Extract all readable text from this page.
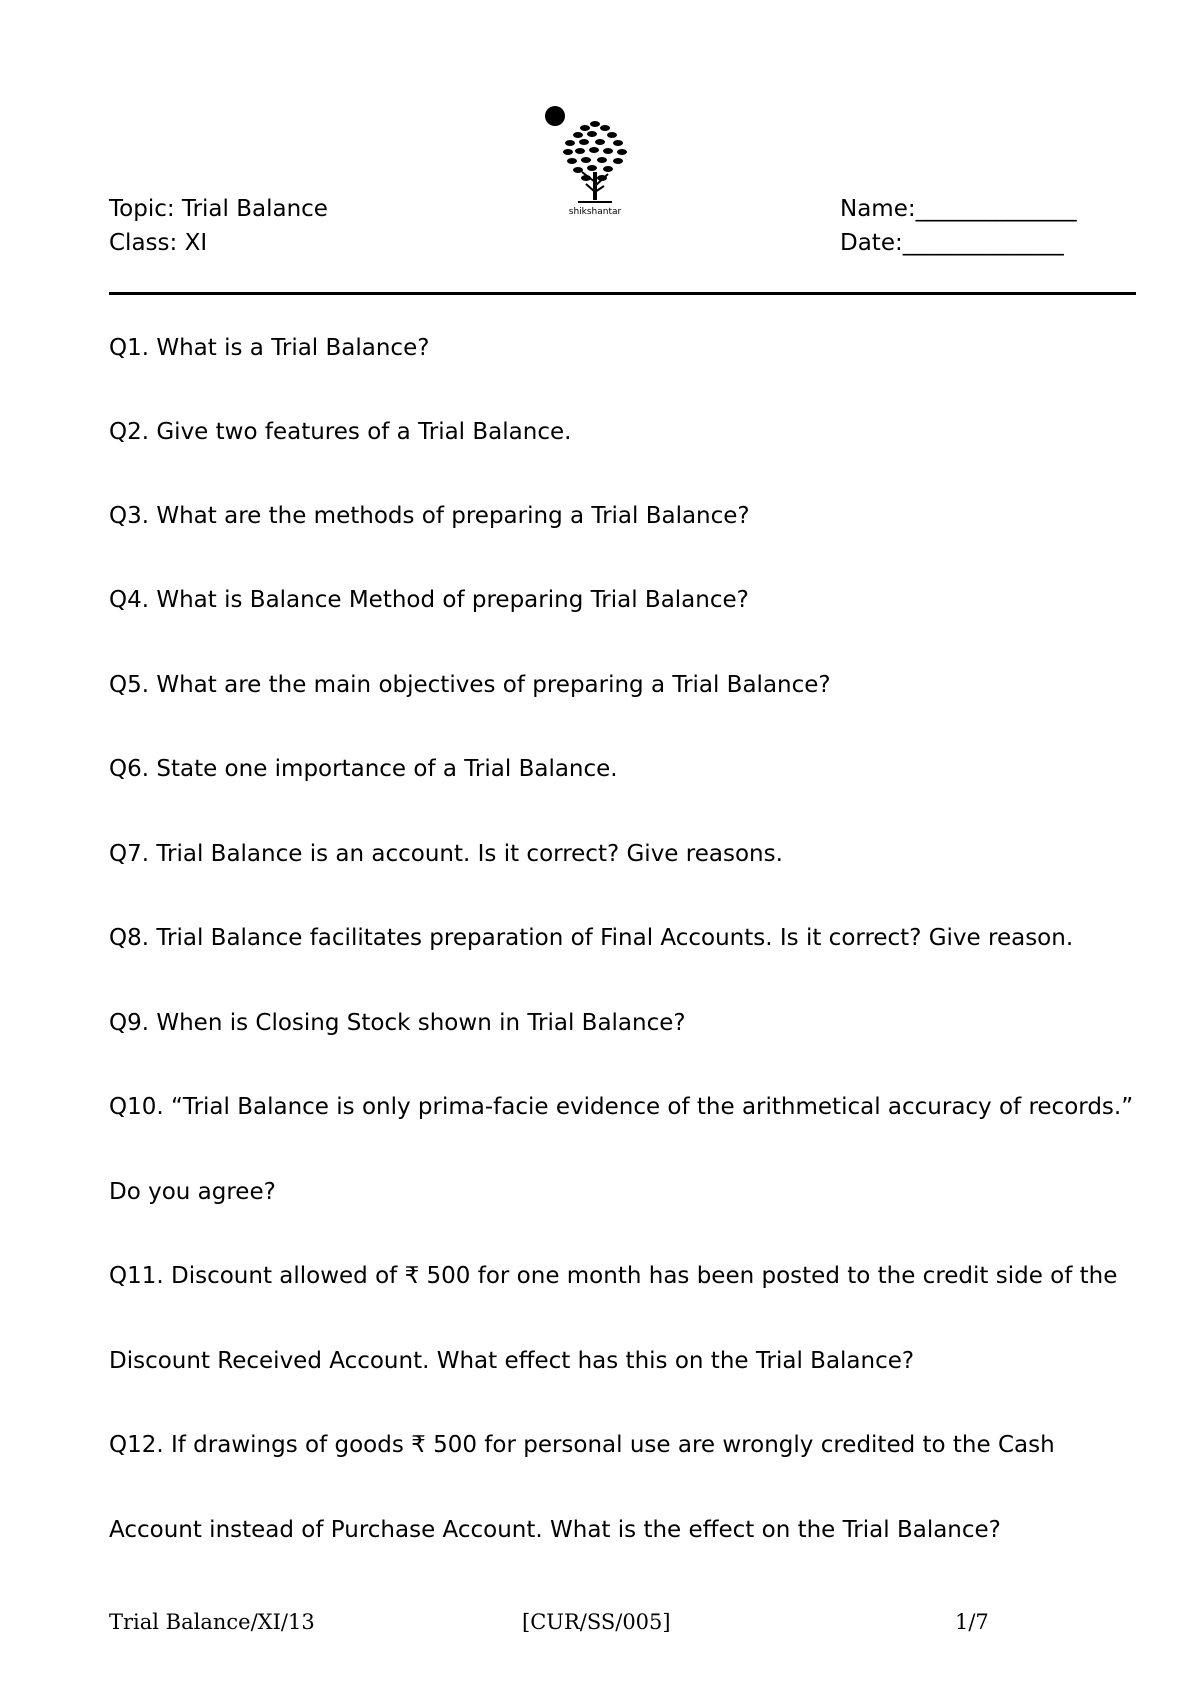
Topic: Trial Balance
Class: XI
Name:______________
Date:______________
shikshantar
Q1. What is a Trial Balance?
Q2. Give two features of a Trial Balance.
Q3. What are the methods of preparing a Trial Balance?
Q4. What is Balance Method of preparing Trial Balance?
Q5. What are the main objectives of preparing a Trial Balance?
Q6. State one importance of a Trial Balance.
Q7. Trial Balance is an account. Is it correct? Give reasons.
Q8. Trial Balance facilitates preparation of Final Accounts. Is it correct? Give reason.
Q9. When is Closing Stock shown in Trial Balance?
Q10. “Trial Balance is only prima-facie evidence of the arithmetical accuracy of records.”
Do you agree?
Q11. Discount allowed of ₹ 500 for one month has been posted to the credit side of the
Discount Received Account. What effect has this on the Trial Balance?
Q12. If drawings of goods ₹ 500 for personal use are wrongly credited to the Cash
Account instead of Purchase Account. What is the effect on the Trial Balance?
Trial Balance/XI/13	[CUR/SS/005]	1/7
